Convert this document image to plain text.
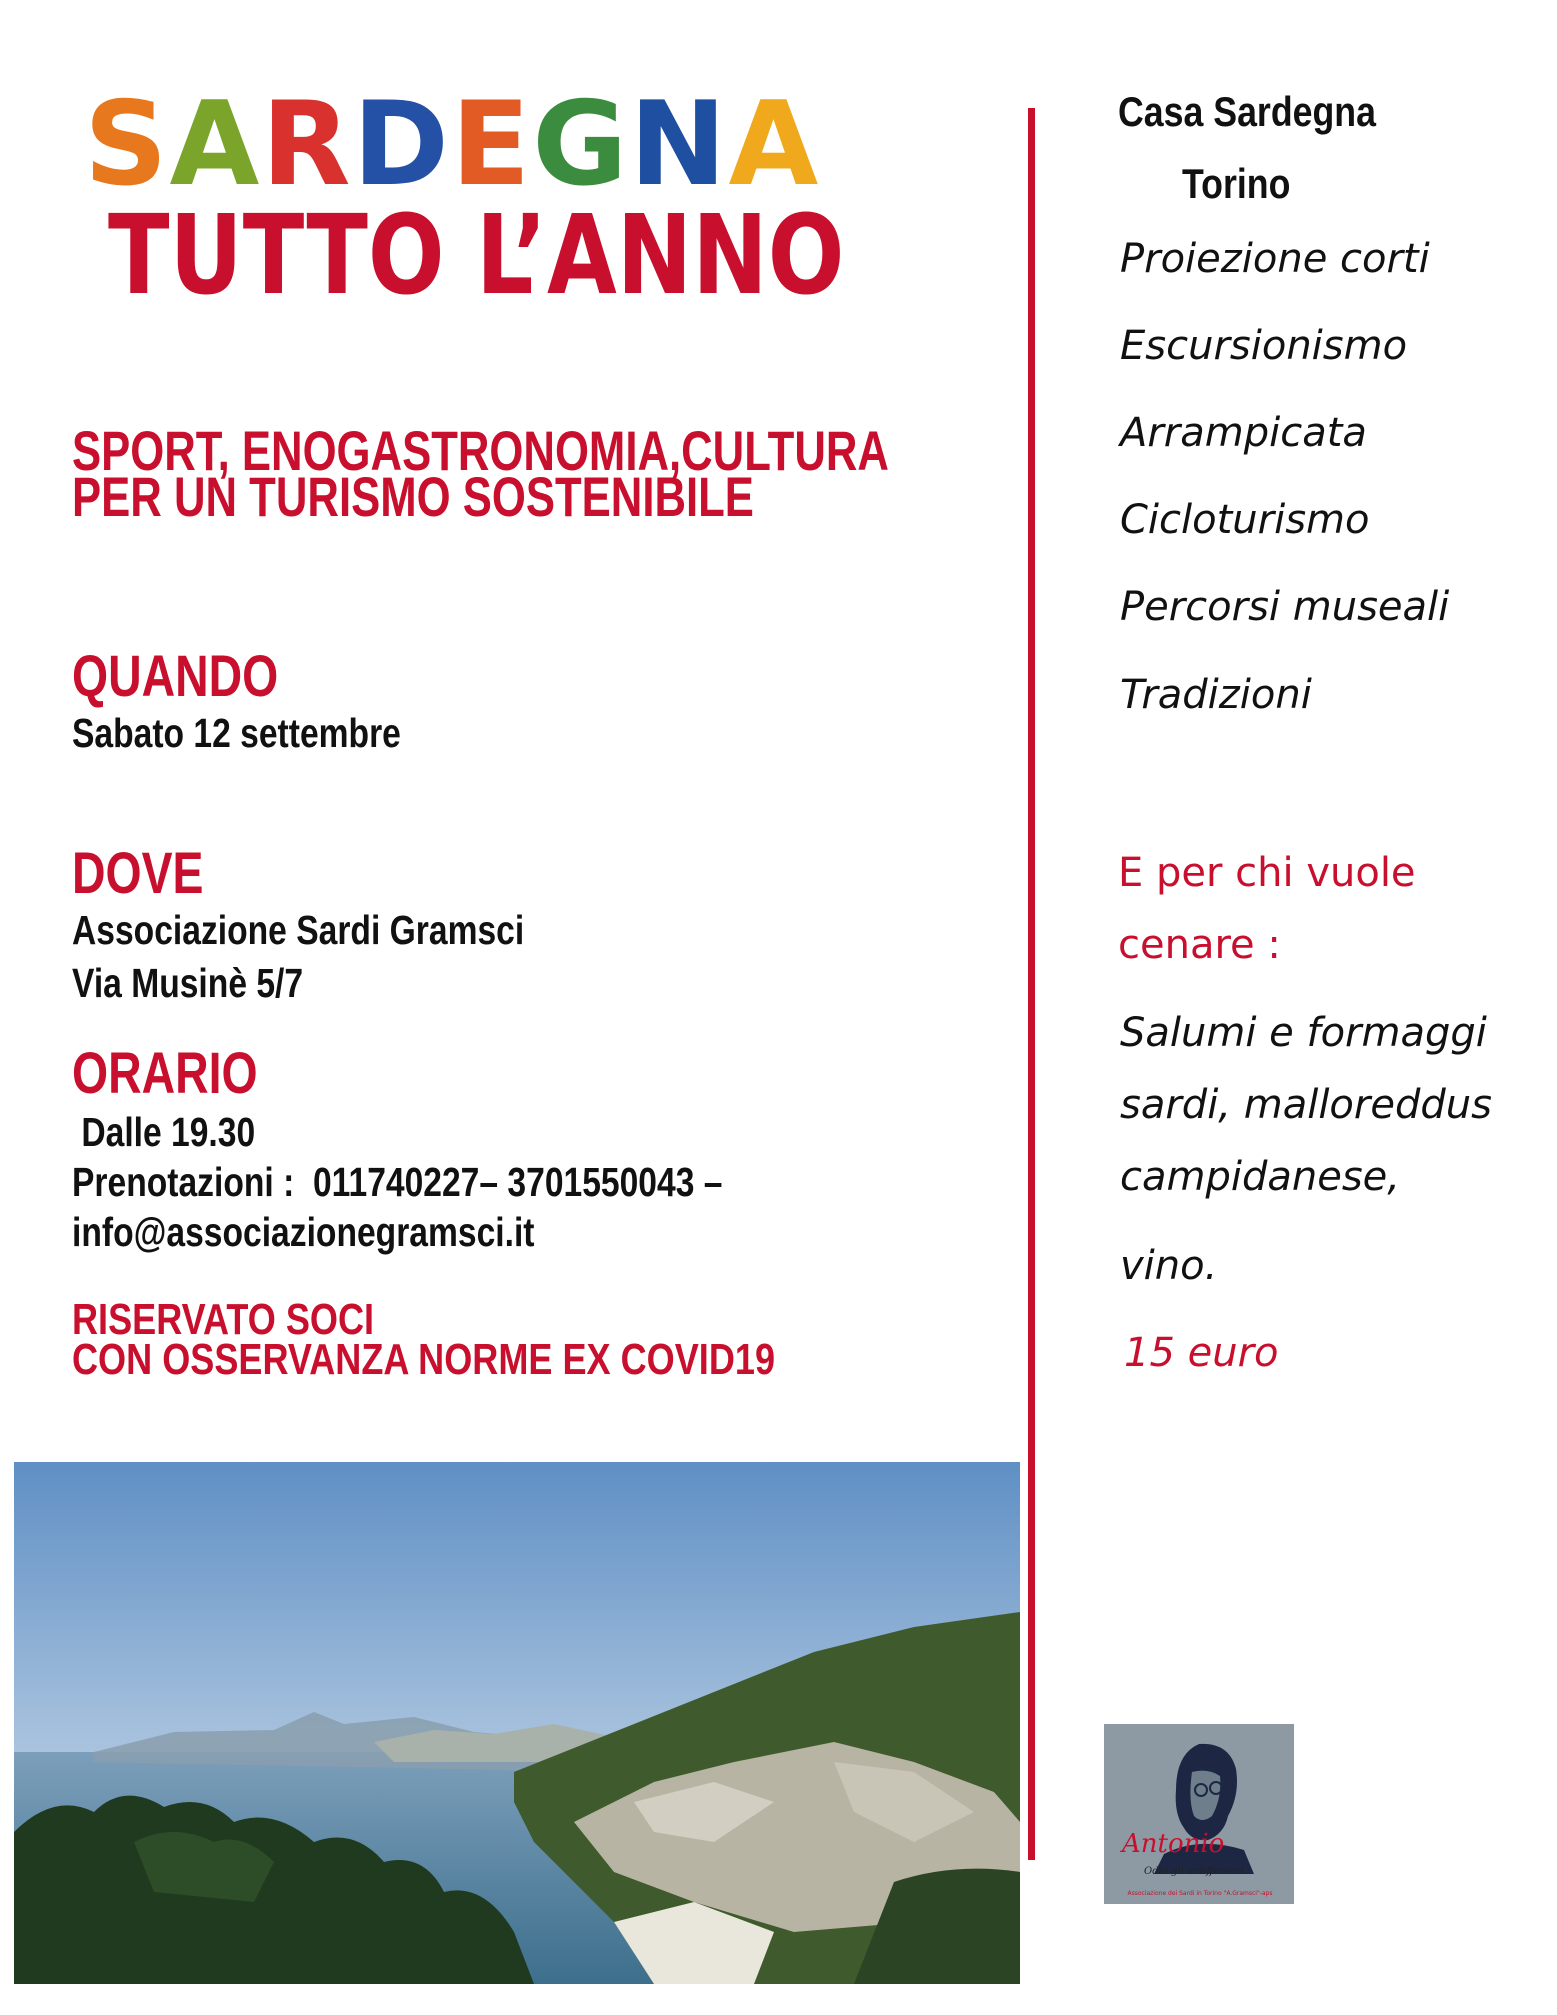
SARDEGNA
TUTTO L’ANNO
SPORT, ENOGASTRONOMIA,CULTURA
PER UN TURISMO SOSTENIBILE
QUANDO
Sabato 12 settembre
DOVE
Associazione Sardi Gramsci
Via Musinè 5/7
ORARIO
Dalle 19.30
Prenotazioni :  011740227– 3701550043 –
info@associazionegramsci.it
RISERVATO SOCI
CON OSSERVANZA NORME EX COVID19
Casa Sardegna
Torino
Proiezione corti
Escursionismo
Arrampicata
Cicloturismo
Percorsi museali
Tradizioni
E per chi vuole
cenare :
Salumi e formaggi
sardi, malloreddus
campidanese,
vino.
15 euro
Antonio
Odio gli indifferenti.
Associazione dei Sardi in Torino "A.Gramsci"-aps
